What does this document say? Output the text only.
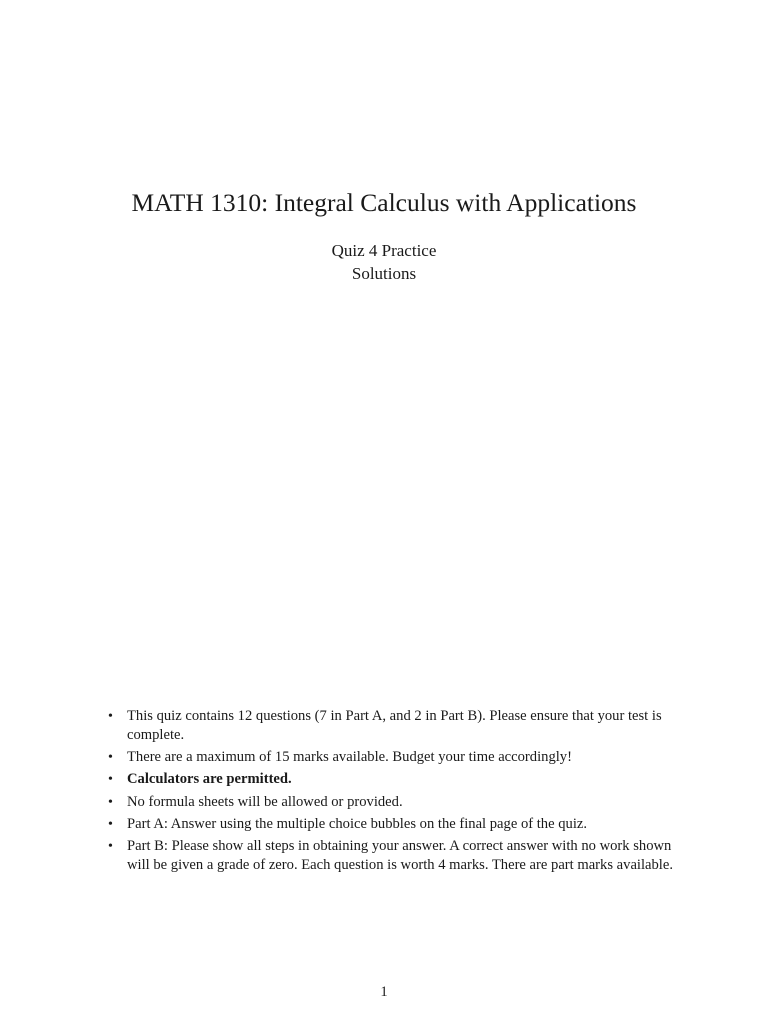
MATH 1310: Integral Calculus with Applications
Quiz 4 Practice
Solutions
• This quiz contains 12 questions (7 in Part A, and 2 in Part B). Please ensure that your test is complete.
• There are a maximum of 15 marks available. Budget your time accordingly!
• Calculators are permitted.
• No formula sheets will be allowed or provided.
• Part A: Answer using the multiple choice bubbles on the final page of the quiz.
• Part B: Please show all steps in obtaining your answer. A correct answer with no work shown will be given a grade of zero. Each question is worth 4 marks. There are part marks available.
1
